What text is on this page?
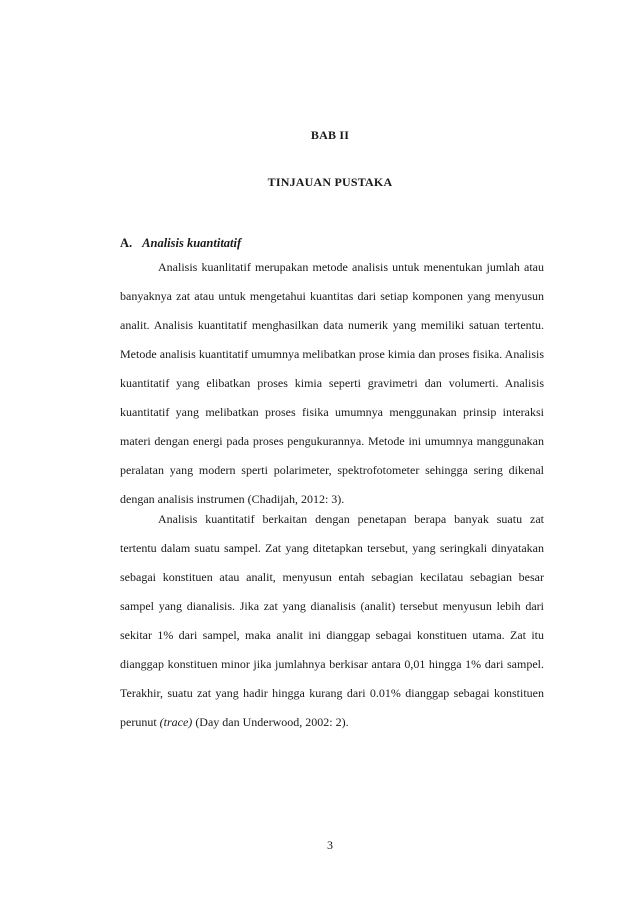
BAB II
TINJAUAN PUSTAKA
A. Analisis kuantitatif

Analisis kuanlitatif merupakan metode analisis untuk menentukan jumlah atau banyaknya zat atau untuk mengetahui kuantitas dari setiap komponen yang menyusun analit. Analisis kuantitatif menghasilkan data numerik yang memiliki satuan tertentu. Metode analisis kuantitatif umumnya melibatkan prose kimia dan proses fisika. Analisis kuantitatif yang elibatkan proses kimia seperti gravimetri dan volumerti. Analisis kuantitatif yang melibatkan proses fisika umumnya menggunakan prinsip interaksi materi dengan energi pada proses pengukurannya. Metode ini umumnya manggunakan peralatan yang modern sperti polarimeter, spektrofotometer sehingga sering dikenal dengan analisis instrumen (Chadijah, 2012: 3).

Analisis kuantitatif berkaitan dengan penetapan berapa banyak suatu zat tertentu dalam suatu sampel. Zat yang ditetapkan tersebut, yang seringkali dinyatakan sebagai konstituen atau analit, menyusun entah sebagian kecilatau sebagian besar sampel yang dianalisis. Jika zat yang dianalisis (analit) tersebut menyusun lebih dari sekitar 1% dari sampel, maka analit ini dianggap sebagai konstituen utama. Zat itu dianggap konstituen minor jika jumlahnya berkisar antara 0,01 hingga 1% dari sampel. Terakhir, suatu zat yang hadir hingga kurang dari 0.01% dianggap sebagai konstituen perunut (trace) (Day dan Underwood, 2002: 2).

3
